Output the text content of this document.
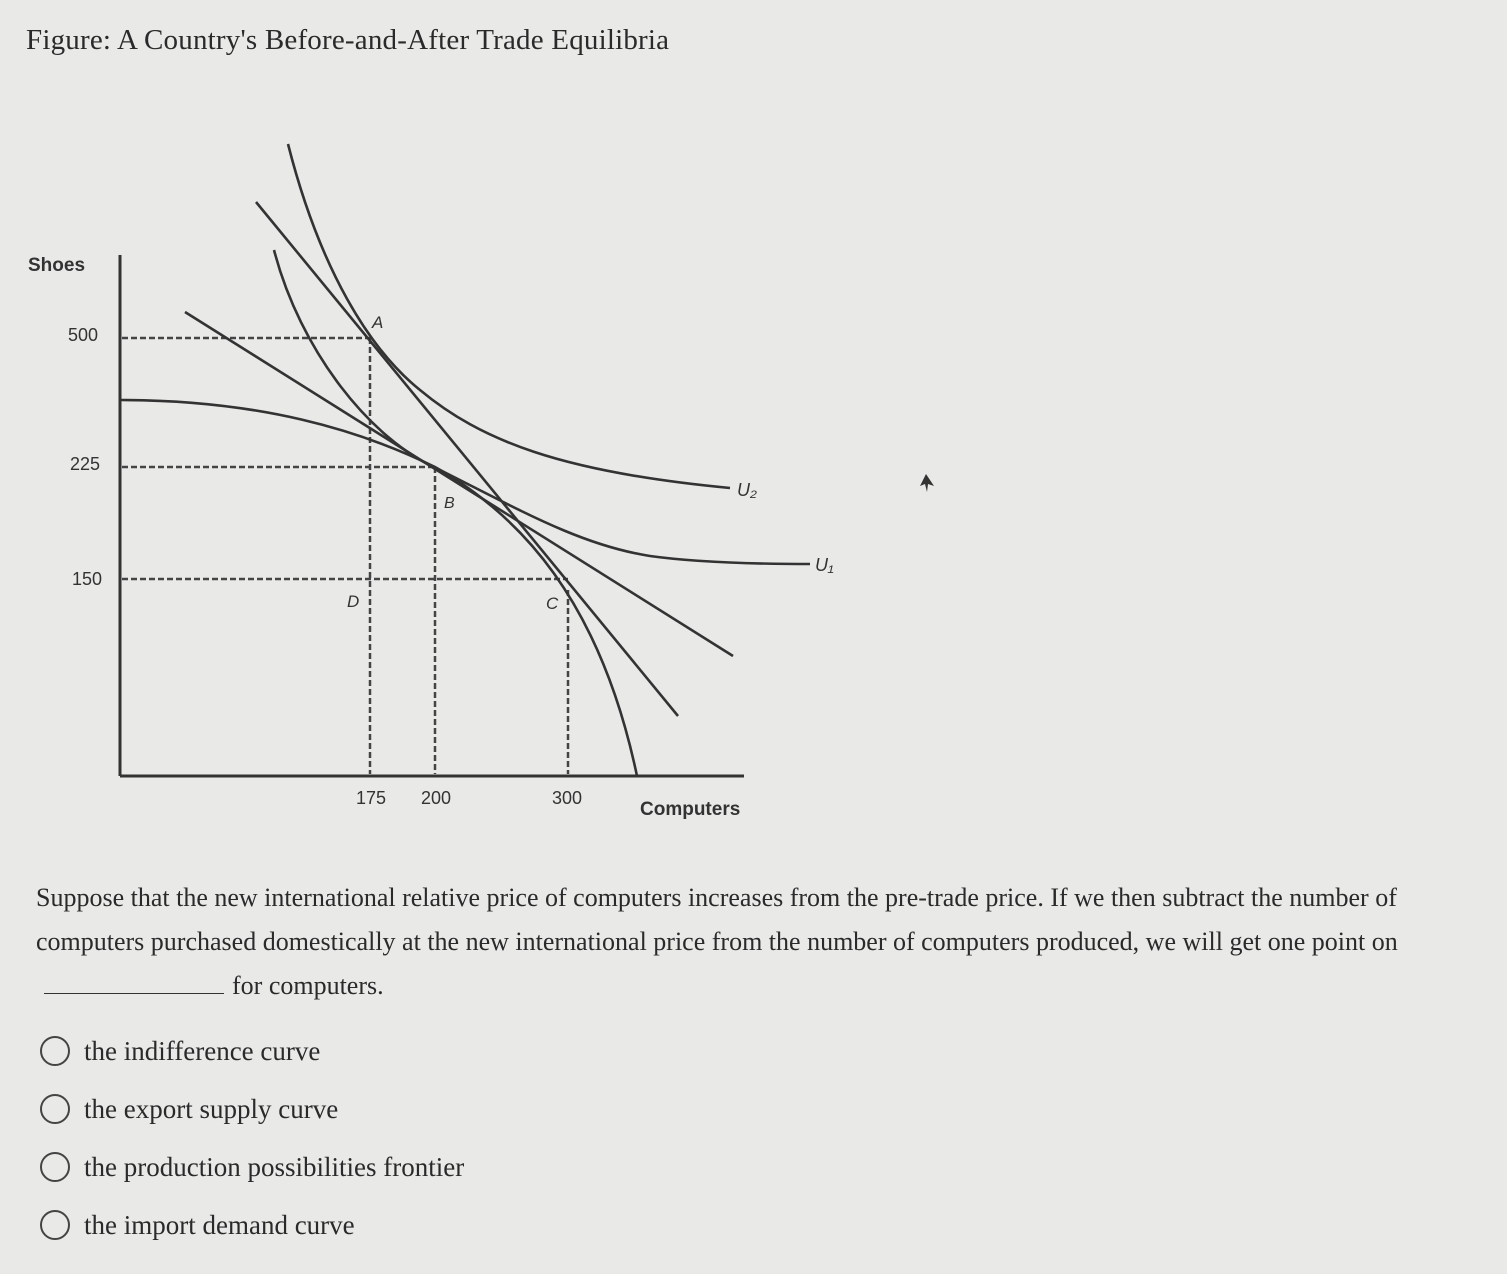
Figure: A Country's Before-and-After Trade Equilibria
Shoes
Computers
500
225
150
175 200	300
U₂
U₁
A
B
C
D
Suppose that the new international relative price of computers increases from the pre-trade price. If we then subtract the number of computers purchased domestically at the new international price from the number of computers produced, we will get one point onfor computers.
the indifference curve
the export supply curve
the production possibilities frontier
the import demand curve
